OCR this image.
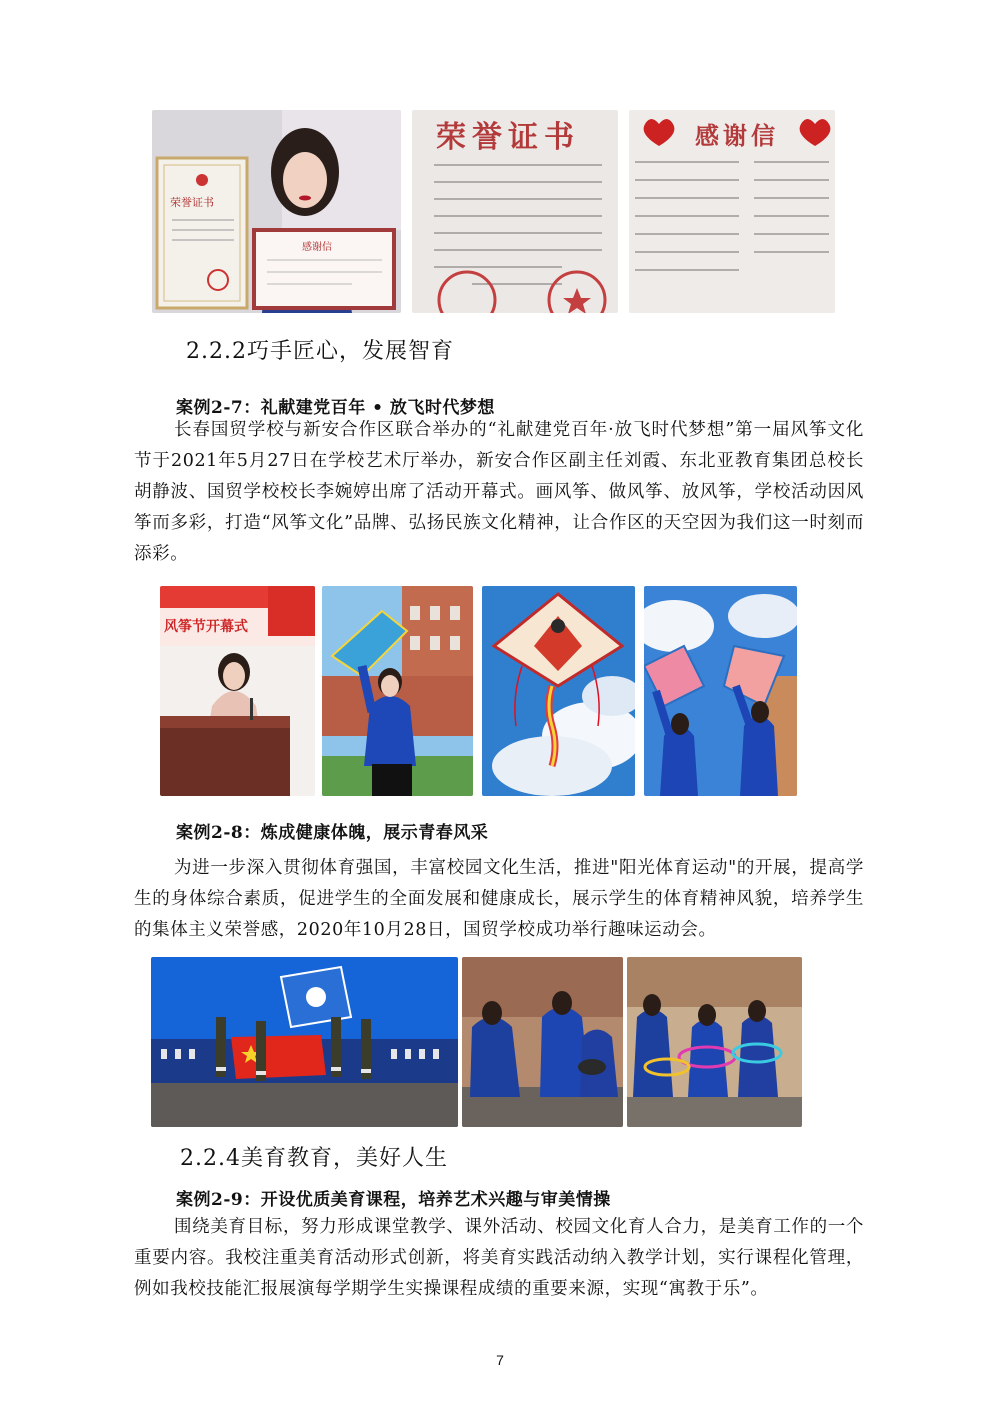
荣誉证书
感谢信
荣誉证书	感谢信
2.2.2巧手匠心，发展智育
案例2-7：礼献建党百年 • 放飞时代梦想

长春国贸学校与新安合作区联合举办的“礼献建党百年·放飞时代梦想”第一届风筝文化节于2021年5月27日在学校艺术厅举办，新安合作区副主任刘霞、东北亚教育集团总校长胡静波、国贸学校校长李婉婷出席了活动开幕式。画风筝、做风筝、放风筝，学校活动因风筝而多彩，打造“风筝文化”品牌、弘扬民族文化精神，让合作区的天空因为我们这一时刻而添彩。

风筝节开幕式
案例2-8：炼成健康体魄，展示青春风采

为进一步深入贯彻体育强国，丰富校园文化生活，推进"阳光体育运动"的开展，提高学生的身体综合素质，促进学生的全面发展和健康成长，展示学生的体育精神风貌，培养学生的集体主义荣誉感，2020年10月28日，国贸学校成功举行趣味运动会。

2.2.4美育教育，美好人生
案例2-9：开设优质美育课程，培养艺术兴趣与审美情操

围绕美育目标，努力形成课堂教学、课外活动、校园文化育人合力，是美育工作的一个重要内容。我校注重美育活动形式创新，将美育实践活动纳入教学计划，实行课程化管理，例如我校技能汇报展演每学期学生实操课程成绩的重要来源，实现“寓教于乐”。

7
